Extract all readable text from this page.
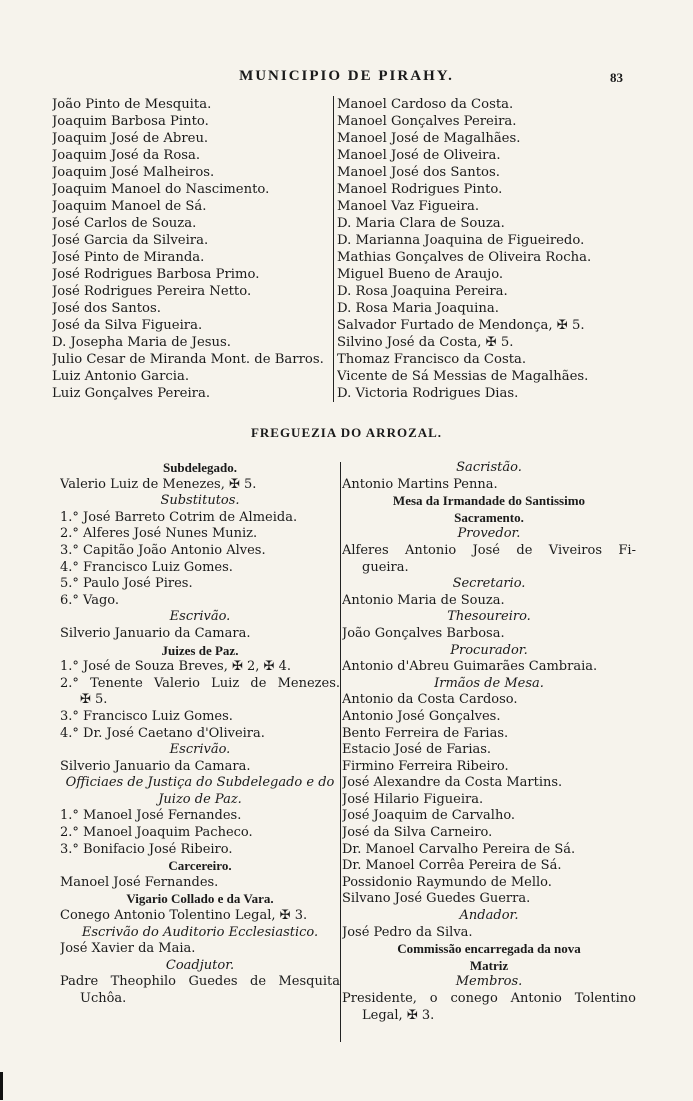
MUNICIPIO DE PIRAHY.	83
João Pinto de Mesquita.
Joaquim Barbosa Pinto.
Joaquim José de Abreu.
Joaquim José da Rosa.
Joaquim José Malheiros.
Joaquim Manoel do Nascimento.
Joaquim Manoel de Sá.
José Carlos de Souza.
José Garcia da Silveira.
José Pinto de Miranda.
José Rodrigues Barbosa Primo.
José Rodrigues Pereira Netto.
José dos Santos.
José da Silva Figueira.
D. Josepha Maria de Jesus.
Julio Cesar de Miranda Mont. de Barros.
Luiz Antonio Garcia.
Luiz Gonçalves Pereira.
Manoel Cardoso da Costa.
Manoel Gonçalves Pereira.
Manoel José de Magalhães.
Manoel José de Oliveira.
Manoel José dos Santos.
Manoel Rodrigues Pinto.
Manoel Vaz Figueira.
D. Maria Clara de Souza.
D. Marianna Joaquina de Figueiredo.
Mathias Gonçalves de Oliveira Rocha.
Miguel Bueno de Araujo.
D. Rosa Joaquina Pereira.
D. Rosa Maria Joaquina.
Salvador Furtado de Mendonça, ✠ 5.
Silvino José da Costa, ✠ 5.
Thomaz Francisco da Costa.
Vicente de Sá Messias de Magalhães.
D. Victoria Rodrigues Dias.
FREGUEZIA DO ARROZAL.
Subdelegado.
Valerio Luiz de Menezes, ✠ 5.
Substitutos.
1.° José Barreto Cotrim de Almeida.
2.° Alferes José Nunes Muniz.
3.° Capitão João Antonio Alves.
4.° Francisco Luiz Gomes.
5.° Paulo José Pires.
6.° Vago.
Escrivão.
Silverio Januario da Camara.
Juizes de Paz.
1.° José de Souza Breves, ✠ 2, ✠ 4.
2.° Tenente Valerio Luiz de Menezes.
✠ 5.
3.° Francisco Luiz Gomes.
4.° Dr. José Caetano d'Oliveira.
Escrivão.
Silverio Januario da Camara.
Officiaes de Justiça do Subdelegado e do
Juizo de Paz.
1.° Manoel José Fernandes.
2.° Manoel Joaquim Pacheco.
3.° Bonifacio José Ribeiro.
Carcereiro.
Manoel José Fernandes.
Vigario Collado e da Vara.
Conego Antonio Tolentino Legal, ✠ 3.
Escrivão do Auditorio Ecclesiastico.
José Xavier da Maia.
Coadjutor.
Padre Theophilo Guedes de Mesquita
Uchôa.
Sacristão.
Antonio Martins Penna.
Mesa da Irmandade do Santissimo
Sacramento.
Provedor.
Alferes Antonio José de Viveiros Fi-
gueira.
Secretario.
Antonio Maria de Souza.
Thesoureiro.
João Gonçalves Barbosa.
Procurador.
Antonio d'Abreu Guimarães Cambraia.
Irmãos de Mesa.
Antonio da Costa Cardoso.
Antonio José Gonçalves.
Bento Ferreira de Farias.
Estacio José de Farias.
Firmino Ferreira Ribeiro.
José Alexandre da Costa Martins.
José Hilario Figueira.
José Joaquim de Carvalho.
José da Silva Carneiro.
Dr. Manoel Carvalho Pereira de Sá.
Dr. Manoel Corrêa Pereira de Sá.
Possidonio Raymundo de Mello.
Silvano José Guedes Guerra.
Andador.
José Pedro da Silva.
Commissão encarregada da nova
Matriz
Membros.
Presidente, o conego Antonio Tolentino
Legal, ✠ 3.
